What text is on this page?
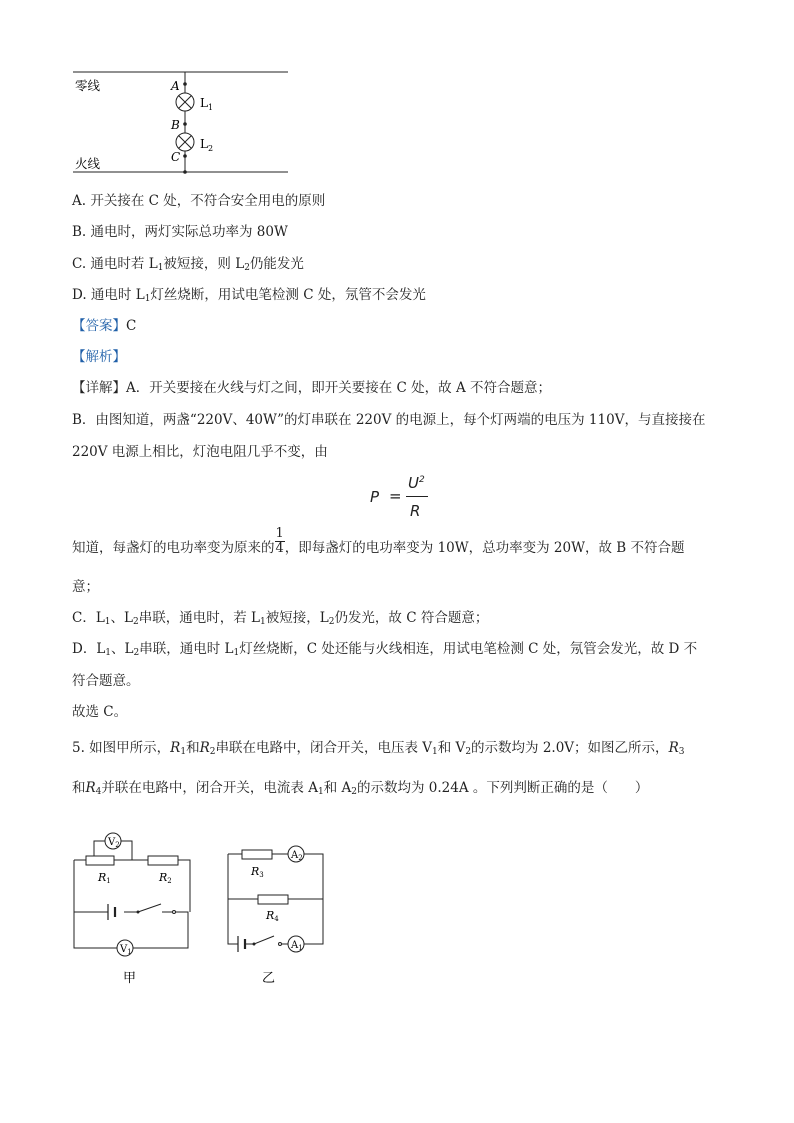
零线
火线
A
B
C
$L_1$
$L_2$
A. 开关接在 C 处，不符合安全用电的原则
B. 通电时，两灯实际总功率为 80W
C. 通电时若 $L_1$被短接，则 $L_2$仍能发光
D. 通电时 $L_1$灯丝烧断，用试电笔检测 C 处，氖管不会发光
【答案】C
【解析】
【详解】A．开关要接在火线与灯之间，即开关要接在 C 处，故 A 不符合题意；
B．由图知道，两盏“220V、40W”的灯串联在 220V 的电源上，每个灯两端的电压为 110V，与直接接在
220V 电源上相比，灯泡电阻几乎不变，由
P =
$U^2$
R
知道，每盏灯的电功率变为原来的 $\frac{1}{4}$ ，即每盏灯的电功率变为 10W，总功率变为 20W，故 B 不符合题
意；
C．$L_1$、$L_2$串联，通电时，若 $L_1$被短接，$L_2$仍发光，故 C 符合题意；
D．$L_1$、$L_2$串联，通电时 $L_1$灯丝烧断，C 处还能与火线相连，用试电笔检测 C 处，氖管会发光，故 D 不
符合题意。
故选 C。
5. 如图甲所示，$R_1$和$R_2$串联在电路中，闭合开关，电压表 $V_1$和 $V_2$的示数均为 2.0V；如图乙所示，$R_3$
和$R_4$并联在电路中，闭合开关，电流表 $A_1$和 $A_2$的示数均为 0.24A 。下列判断正确的是（　　）
$V_2$
$V_1$
R1	R2
甲
$A_2$
$A_1$
R3
R4
乙
